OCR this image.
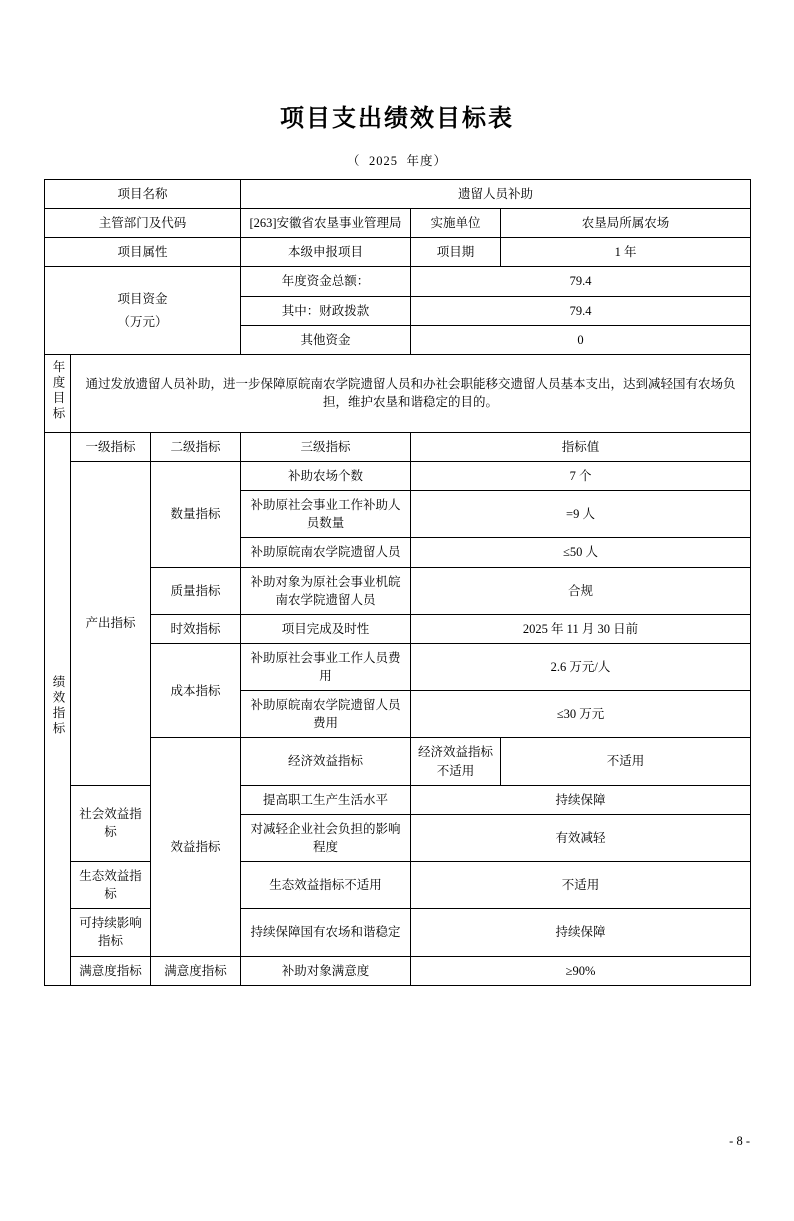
项目支出绩效目标表
（ 2025 年度）
项目名称			遗留人员补助		
主管部门及代码			[263]安徽省农垦事业管理局	实施单位	农垦局所属农场
项目属性			本级申报项目	项目期	1 年

项目资金
（万元）			年度资金总额：	79.4	
			其中：财政拨款	79.4	
			其他资金	0	
年度目标	通过发放遗留人员补助，进一步保障原皖南农学院遗留人员和办社会职能移交遗留人员基本支出，达到减轻国有农场负担，维护农垦和谐稳定的目的。				
绩效指标	一级指标	二级指标	三级指标	指标值	
	产出指标	数量指标	补助农场个数	7 个	
			补助原社会事业工作补助人员数量	=9 人	
			补助原皖南农学院遗留人员	≤50 人	
		质量指标	补助对象为原社会事业机皖南农学院遗留人员	合规	
		时效指标	项目完成及时性	2025 年 11 月 30 日前	
		成本指标	补助原社会事业工作人员费用	2.6 万元/人	
			补助原皖南农学院遗留人员费用	≤30 万元	
		效益指标	经济效益指标	经济效益指标不适用	不适用
	社会效益指标		提高职工生产生活水平	持续保障	
			对减轻企业社会负担的影响程度	有效减轻	
	生态效益指标		生态效益指标不适用	不适用	
	可持续影响指标		持续保障国有农场和谐稳定	持续保障	
	满意度指标	满意度指标	补助对象满意度	≥90%	
- 8 -
